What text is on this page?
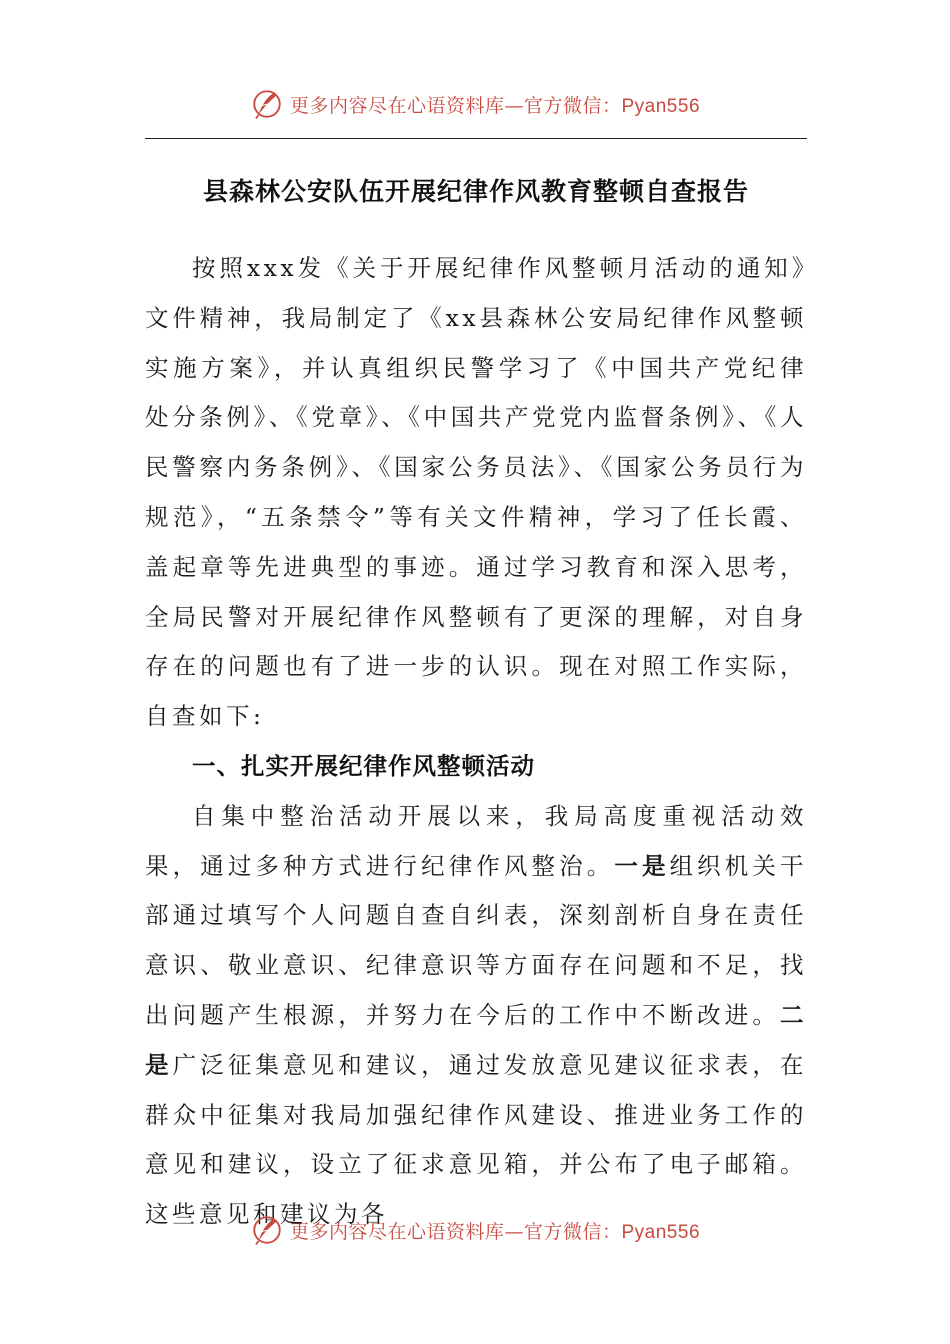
更多内容尽在心语资料库—官方微信：Pyan556
县森林公安队伍开展纪律作风教育整顿自查报告

按照xxx发《关于开展纪律作风整顿月活动的通知》文件精神，我局制定了《xx县森林公安局纪律作风整顿实施方案》，并认真组织民警学习了《中国共产党纪律处分条例》、《党章》、《中国共产党党内监督条例》、《人民警察内务条例》、《国家公务员法》、《国家公务员行为规范》，“五条禁令”等有关文件精神，学习了任长霞、盖起章等先进典型的事迹。通过学习教育和深入思考，全局民警对开展纪律作风整顿有了更深的理解，对自身存在的问题也有了进一步的认识。现在对照工作实际，自查如下:

一、扎实开展纪律作风整顿活动

自集中整治活动开展以来，我局高度重视活动效果，通过多种方式进行纪律作风整治。一是组织机关干部通过填写个人问题自查自纠表，深刻剖析自身在责任意识、敬业意识、纪律意识等方面存在问题和不足，找出问题产生根源，并努力在今后的工作中不断改进。二是广泛征集意见和建议，通过发放意见建议征求表，在群众中征集对我局加强纪律作风建设、推进业务工作的意见和建议，设立了征求意见箱，并公布了电子邮箱。这些意见和建议为各

更多内容尽在心语资料库—官方微信：Pyan556
